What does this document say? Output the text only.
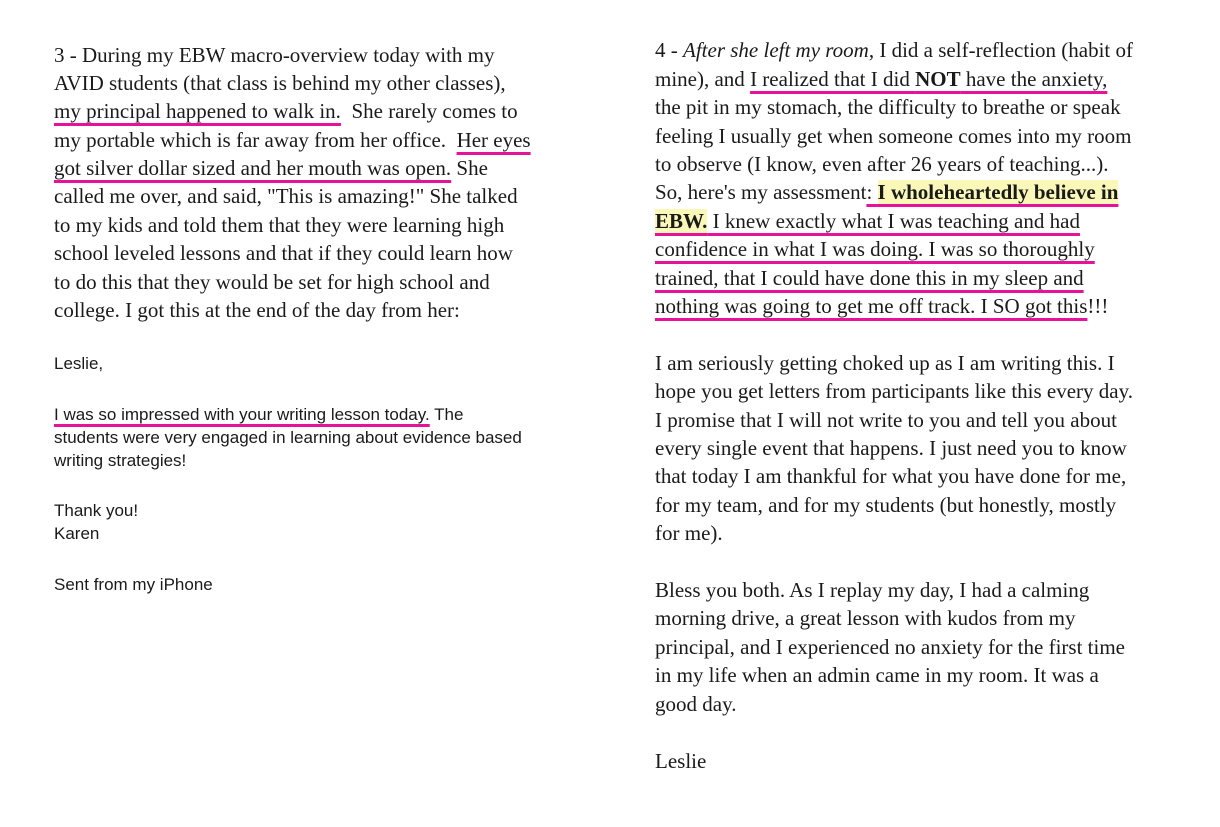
3 - During my EBW macro-overview today with my
AVID students (that class is behind my other classes),
my principal happened to walk in.  She rarely comes to
my portable which is far away from her office.  Her eyes
got silver dollar sized and her mouth was open. She
called me over, and said, "This is amazing!" She talked
to my kids and told them that they were learning high
school leveled lessons and that if they could learn how
to do this that they would be set for high school and
college. I got this at the end of the day from her:
Leslie,
I was so impressed with your writing lesson today. The
students were very engaged in learning about evidence based
writing strategies!
Thank you!
Karen
Sent from my iPhone
4 - After she left my room, I did a self-reflection (habit of
mine), and I realized that I did NOT have the anxiety,
the pit in my stomach, the difficulty to breathe or speak
feeling I usually get when someone comes into my room
to observe (I know, even after 26 years of teaching...).
So, here's my assessment: I wholeheartedly believe in
EBW. I knew exactly what I was teaching and had
confidence in what I was doing. I was so thoroughly
trained, that I could have done this in my sleep and
nothing was going to get me off track. I SO got this!!!
I am seriously getting choked up as I am writing this. I
hope you get letters from participants like this every day.
I promise that I will not write to you and tell you about
every single event that happens. I just need you to know
that today I am thankful for what you have done for me,
for my team, and for my students (but honestly, mostly
for me).
Bless you both. As I replay my day, I had a calming
morning drive, a great lesson with kudos from my
principal, and I experienced no anxiety for the first time
in my life when an admin came in my room. It was a
good day.
Leslie
